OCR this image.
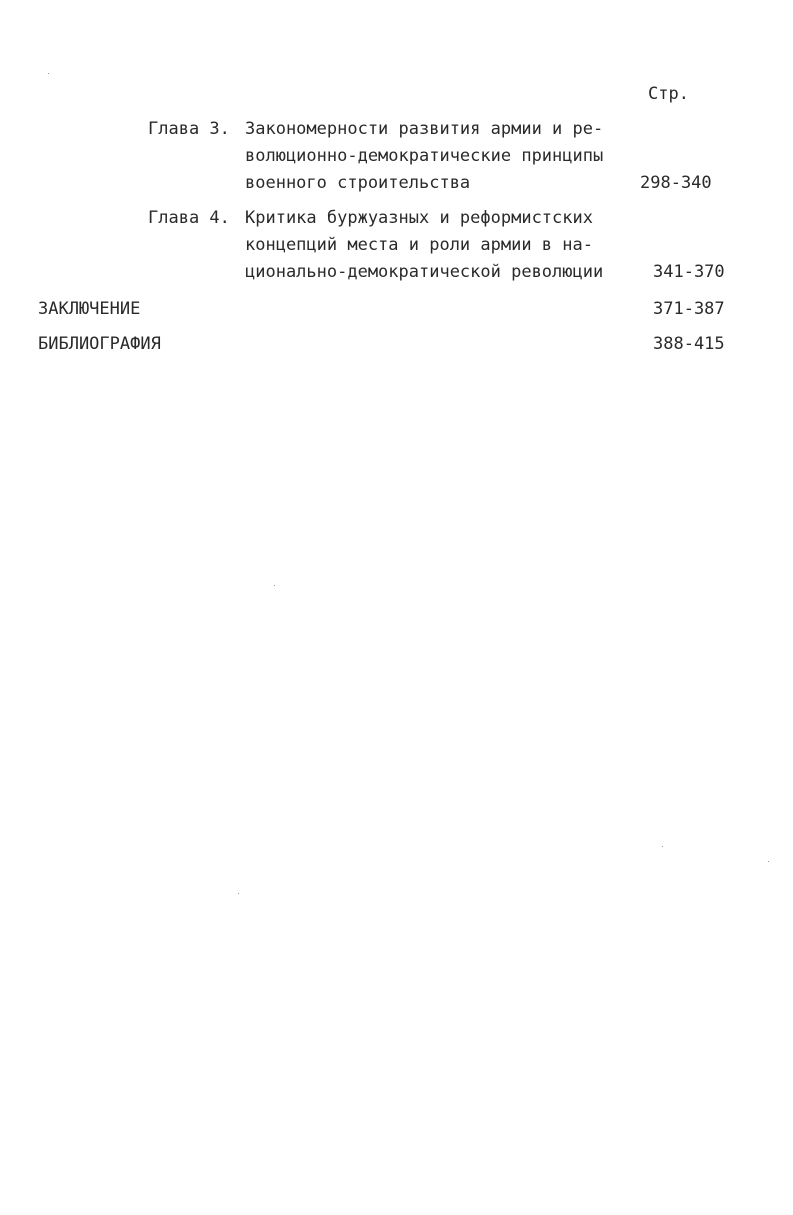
Стр.
Глава 3. Закономерности развития армии и ре-
волюционно-демократические принципы
военного строительства	298-340
Глава 4. Критика буржуазных и реформистских
концепций места и роли армии в на-
ционально-демократической революции	341-370
ЗАКЛЮЧЕНИЕ	371-387
БИБЛИОГРАФИЯ	388-415
